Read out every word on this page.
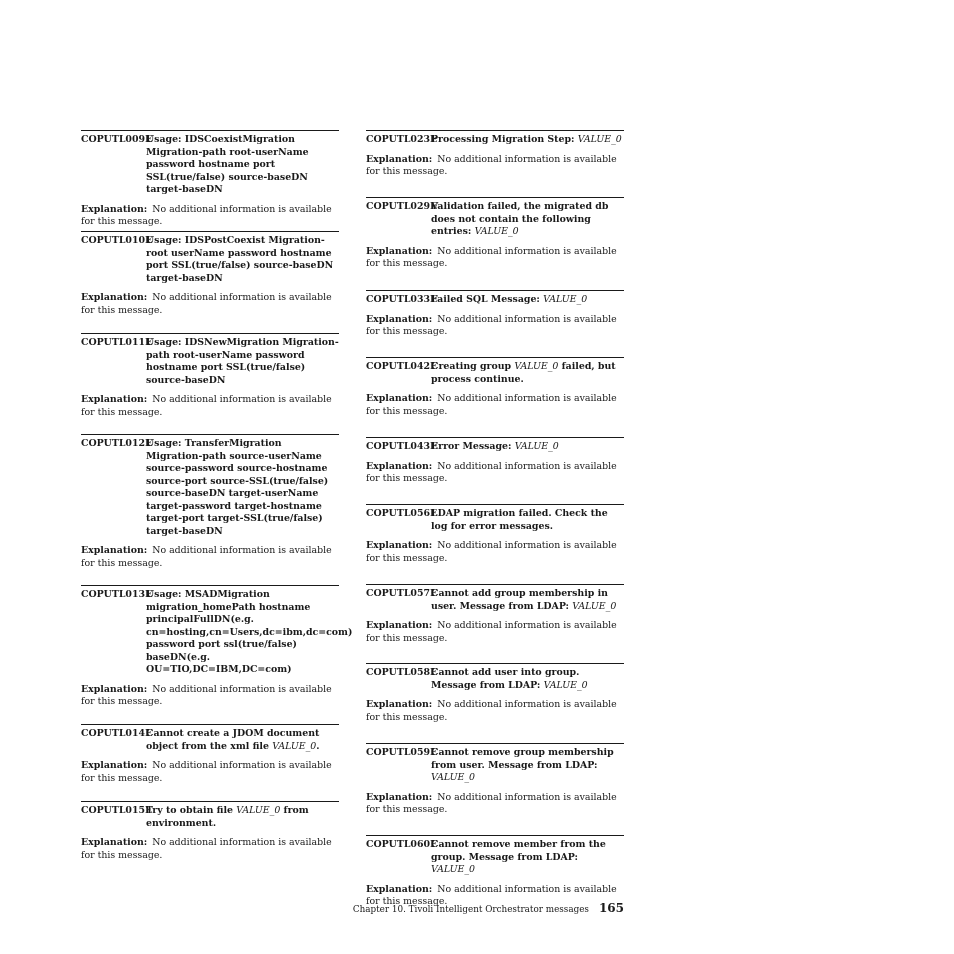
COPUTL009E
Usage: IDSCoexistMigration Migration-path root-userName password hostname port SSL(true/false) source-baseDN target-baseDN
Explanation: No additional information is available for this message.
COPUTL010E
Usage: IDSPostCoexist Migration-root userName password hostname port SSL(true/false) source-baseDN target-baseDN
Explanation: No additional information is available for this message.
COPUTL011E
Usage: IDSNewMigration Migration-path root-userName password hostname port SSL(true/false) source-baseDN
Explanation: No additional information is available for this message.
COPUTL012E
Usage: TransferMigration Migration-path source-userName source-password source-hostname source-port source-SSL(true/false) source-baseDN target-userName target-password target-hostname target-port target-SSL(true/false) target-baseDN
Explanation: No additional information is available for this message.
COPUTL013E
Usage: MSADMigration migration_homePath hostname principalFullDN(e.g. cn=hosting,cn=Users,dc=ibm,dc=com) password port ssl(true/false) baseDN(e.g. OU=TIO,DC=IBM,DC=com)
Explanation: No additional information is available for this message.
COPUTL014E
Cannot create a JDOM document object from the xml file VALUE_0.
Explanation: No additional information is available for this message.
COPUTL015E
Try to obtain file VALUE_0 from environment.
Explanation: No additional information is available for this message.
COPUTL023E
Processing Migration Step: VALUE_0
Explanation: No additional information is available for this message.
COPUTL029E
Validation failed, the migrated db does not contain the following entries: VALUE_0
Explanation: No additional information is available for this message.
COPUTL033E
Failed SQL Message: VALUE_0
Explanation: No additional information is available for this message.
COPUTL042E
Creating group VALUE_0 failed, but process continue.
Explanation: No additional information is available for this message.
COPUTL043E
Error Message: VALUE_0
Explanation: No additional information is available for this message.
COPUTL056E
LDAP migration failed. Check the log for error messages.
Explanation: No additional information is available for this message.
COPUTL057E
Cannot add group membership in user. Message from LDAP: VALUE_0
Explanation: No additional information is available for this message.
COPUTL058E
Cannot add user into group. Message from LDAP: VALUE_0
Explanation: No additional information is available for this message.
COPUTL059E
Cannot remove group membership from user. Message from LDAP: VALUE_0
Explanation: No additional information is available for this message.
COPUTL060E
Cannot remove member from the group. Message from LDAP: VALUE_0
Explanation: No additional information is available for this message.
Chapter 10. Tivoli Intelligent Orchestrator messages 165
